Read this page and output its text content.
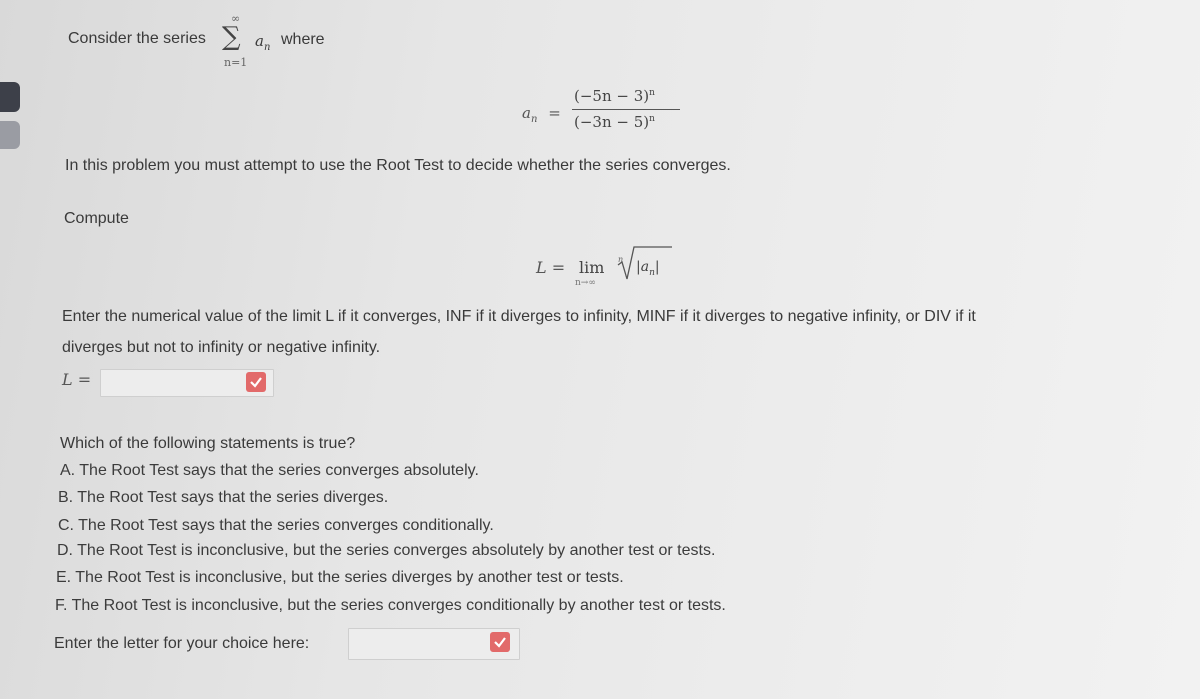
Consider the series ∑
∞
n=1
$a_n$ where
$a_n$ =
$(-5n - 3)^n$
$(-3n - 5)^n$
In this problem you must attempt to use the Root Test to decide whether the series converges.
Compute
L = lim
n→∞
n $|a_n|$
Enter the numerical value of the limit L if it converges, INF if it diverges to infinity, MINF if it diverges to negative infinity, or DIV if it
diverges but not to infinity or negative infinity.
L =
Which of the following statements is true?
A. The Root Test says that the series converges absolutely.
B. The Root Test says that the series diverges.
C. The Root Test says that the series converges conditionally.
D. The Root Test is inconclusive, but the series converges absolutely by another test or tests.
E. The Root Test is inconclusive, but the series diverges by another test or tests.
F. The Root Test is inconclusive, but the series converges conditionally by another test or tests.
Enter the letter for your choice here:
